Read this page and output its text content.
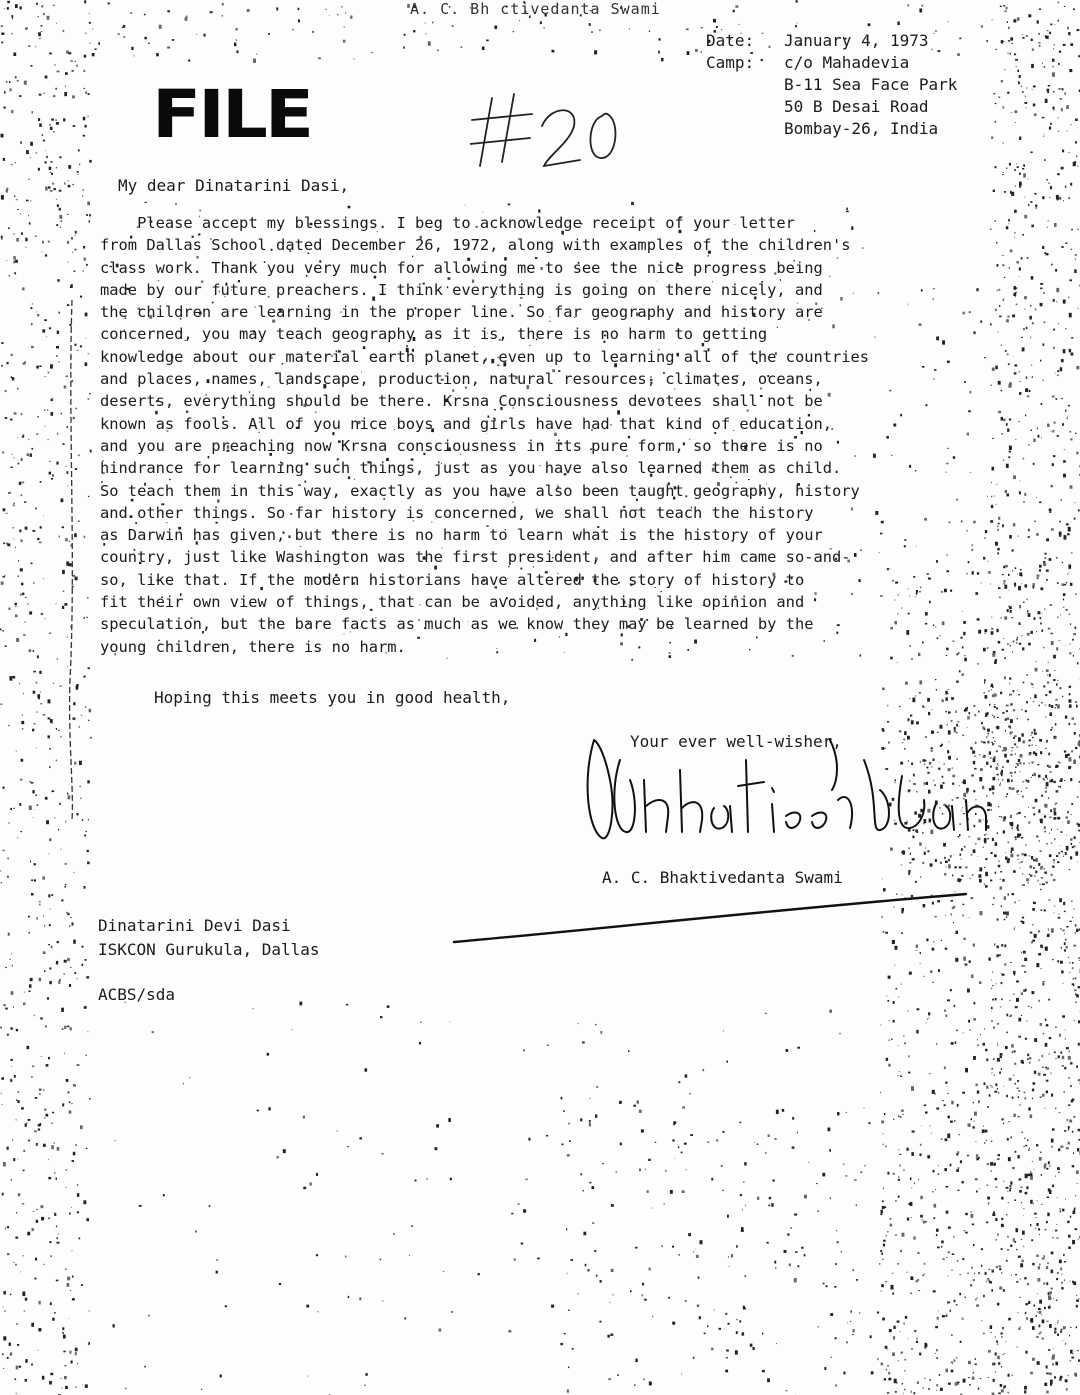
A. C. Bh ctivedanta Swami
FILE
Date:	January 4, 1973
Camp:	c/o Mahadevia
B-11 Sea Face Park
50 B Desai Road
Bombay-26, India
My dear Dinatarini Dasi,
Please accept my blessings. I beg to acknowledge receipt of your letter
from Dallas School dated December 26, 1972, along with examples of the children's
class work. Thank you very much for allowing me to see the nice progress being
made by our future preachers. I think everything is going on there nicely, and
the children are learning in the proper line. So far geography and history are
concerned, you may teach geography as it is, there is no harm to getting
knowledge about our material earth planet, even up to learning all of the countries
and places, names, landscape, production, natural resources, climates, oceans,
deserts, everything should be there. Krsna Consciousness devotees shall not be
known as fools. All of you nice boys and girls have had that kind of education,
and you are preaching now Krsna consciousness in its pure form, so there is no
hindrance for learning such things, just as you have also learned them as child.
So teach them in this way, exactly as you have also been taught geography, history
and other things. So far history is concerned, we shall not teach the history
as Darwin has given, but there is no harm to learn what is the history of your
country, just like Washington was the first president, and after him came so-and-
so, like that. If the modern historians have altered the story of history to
fit their own view of things, that can be avoided, anything like opinion and
speculation, but the bare facts as much as we know they may be learned by the
young children, there is no harm.
Hoping this meets you in good health,
Your ever well-wisher,
A. C. Bhaktivedanta Swami
Dinatarini Devi Dasi
ISKCON Gurukula, Dallas
ACBS/sda
